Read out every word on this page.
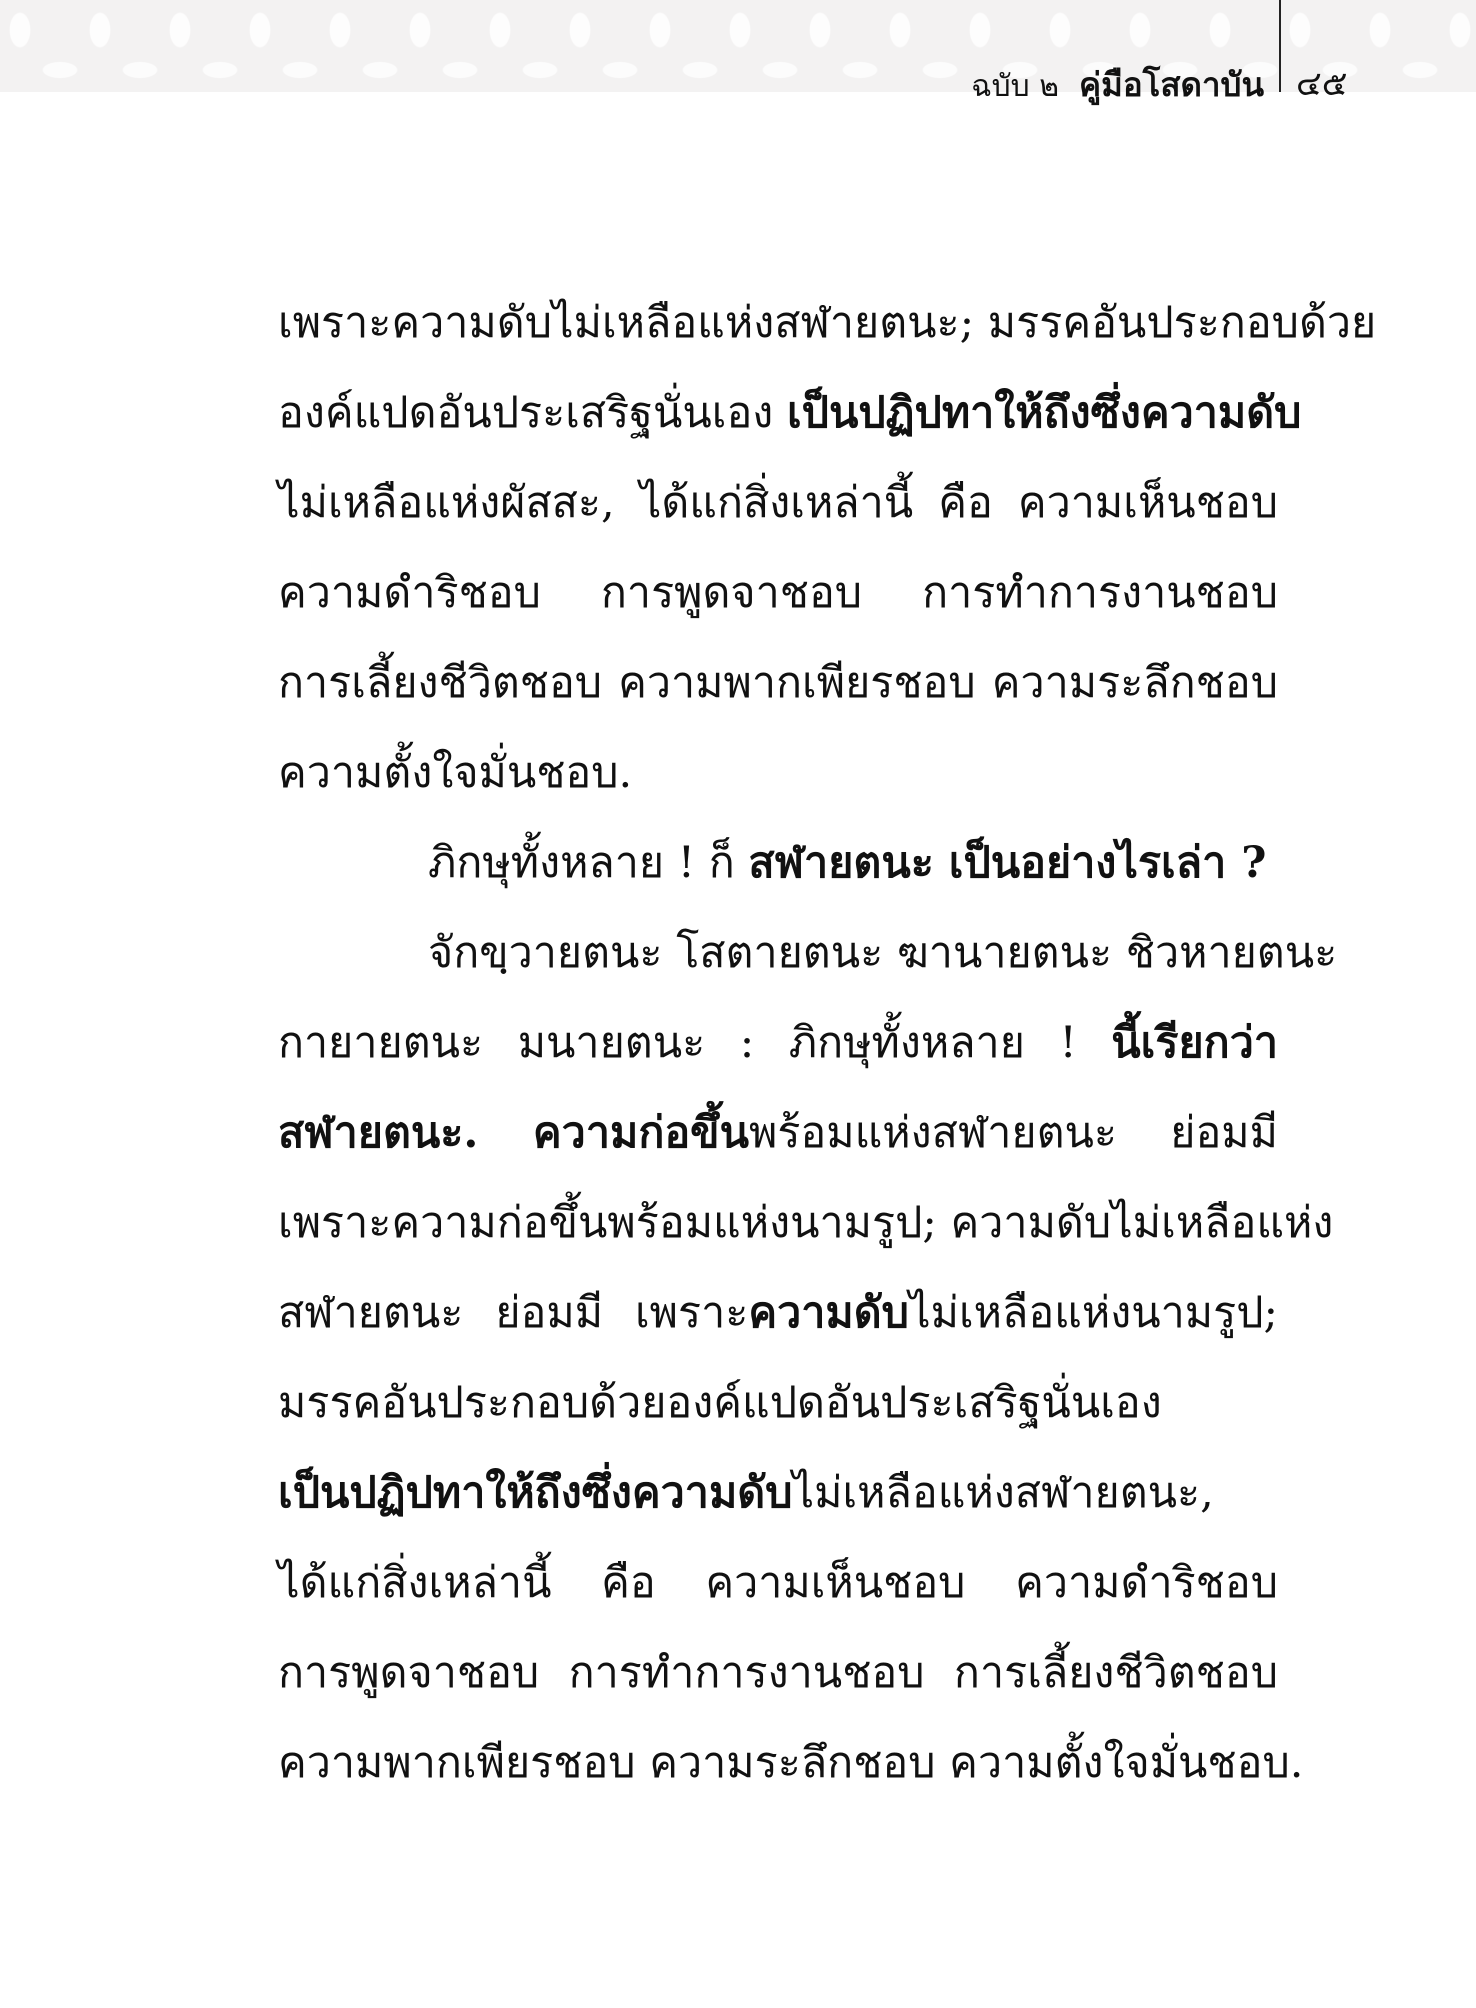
ฉบับ ๒ คู่มือโสดาบัน ๔๕
เพราะความดับไม่เหลือแห่งสฬายตนะ; มรรคอันประกอบด้วย
องค์แปดอันประเสริฐนั่นเอง เป็นปฏิปทาให้ถึงซึ่งความดับ
ไม่เหลือแห่งผัสสะ, ได้แก่สิ่งเหล่านี้ คือ ความเห็นชอบ
ความดำริชอบ การพูดจาชอบ การทำการงานชอบ
การเลี้ยงชีวิตชอบ ความพากเพียรชอบ ความระลึกชอบ
ความตั้งใจมั่นชอบ.
ภิกษุทั้งหลาย ! ก็ สฬายตนะ เป็นอย่างไรเล่า ?
จักขฺวายตนะ โสตายตนะ ฆานายตนะ ชิวหายตนะ
กายายตนะ มนายตนะ : ภิกษุทั้งหลาย ! นี้เรียกว่า
สฬายตนะ. ความก่อขึ้นพร้อมแห่งสฬายตนะ ย่อมมี
เพราะความก่อขึ้นพร้อมแห่งนามรูป; ความดับไม่เหลือแห่ง
สฬายตนะ ย่อมมี เพราะความดับไม่เหลือแห่งนามรูป;
มรรคอันประกอบด้วยองค์แปดอันประเสริฐนั่นเอง
เป็นปฏิปทาให้ถึงซึ่งความดับไม่เหลือแห่งสฬายตนะ,
ได้แก่สิ่งเหล่านี้ คือ ความเห็นชอบ ความดำริชอบ
การพูดจาชอบ การทำการงานชอบ การเลี้ยงชีวิตชอบ
ความพากเพียรชอบ ความระลึกชอบ ความตั้งใจมั่นชอบ.
